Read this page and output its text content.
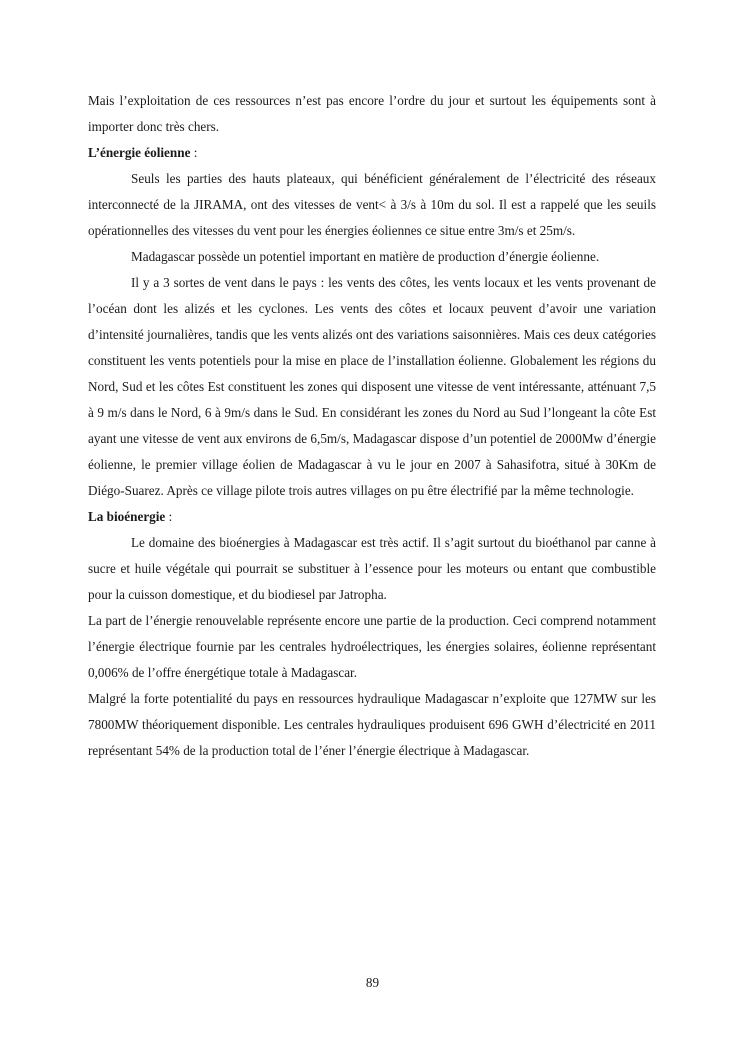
Mais l’exploitation de ces ressources n’est pas encore l’ordre du jour et surtout les équipements sont à importer donc très chers.

L’énergie éolienne :

Seuls les parties des hauts plateaux, qui bénéficient généralement de l’électricité des réseaux interconnecté de la JIRAMA, ont des vitesses de vent< à 3/s à 10m du sol. Il est a rappelé que les seuils opérationnelles des vitesses du vent pour les énergies éoliennes ce situe entre 3m/s et 25m/s.

Madagascar possède un potentiel important en matière de production d’énergie éolienne.

Il y a 3 sortes de vent dans le pays : les vents des côtes, les vents locaux et les vents provenant de l’océan dont les alizés et les cyclones. Les vents des côtes et locaux peuvent d’avoir une variation d’intensité journalières, tandis que les vents alizés ont des variations saisonnières. Mais ces deux catégories constituent les vents potentiels pour la mise en place de l’installation éolienne. Globalement les régions du Nord, Sud et les côtes Est constituent les zones qui disposent une vitesse de vent intéressante, atténuant 7,5 à 9 m/s dans le Nord, 6 à 9m/s dans le Sud. En considérant les zones du Nord au Sud l’longeant la côte Est ayant une vitesse de vent aux environs de 6,5m/s, Madagascar dispose d’un potentiel de 2000Mw d’énergie éolienne, le premier village éolien de Madagascar à vu le jour en 2007 à Sahasifotra, situé à 30Km de Diégo-Suarez. Après ce village pilote trois autres villages on pu être électrifié par la même technologie.

La bioénergie :

Le domaine des bioénergies à Madagascar est très actif. Il s’agit surtout du bioéthanol par canne à sucre et huile végétale qui pourrait se substituer à l’essence pour les moteurs ou entant que combustible pour la cuisson domestique, et du biodiesel par Jatropha.

La part de l’énergie renouvelable représente encore une partie de la production. Ceci comprend notamment l’énergie électrique fournie par les centrales hydroélectriques, les énergies solaires, éolienne représentant 0,006% de l’offre énergétique totale à Madagascar.

Malgré la forte potentialité du pays en ressources hydraulique Madagascar n’exploite que 127MW sur les 7800MW théoriquement disponible. Les centrales hydrauliques produisent 696 GWH d’électricité en 2011 représentant 54% de la production total de l’éner l’énergie électrique à Madagascar.

89
